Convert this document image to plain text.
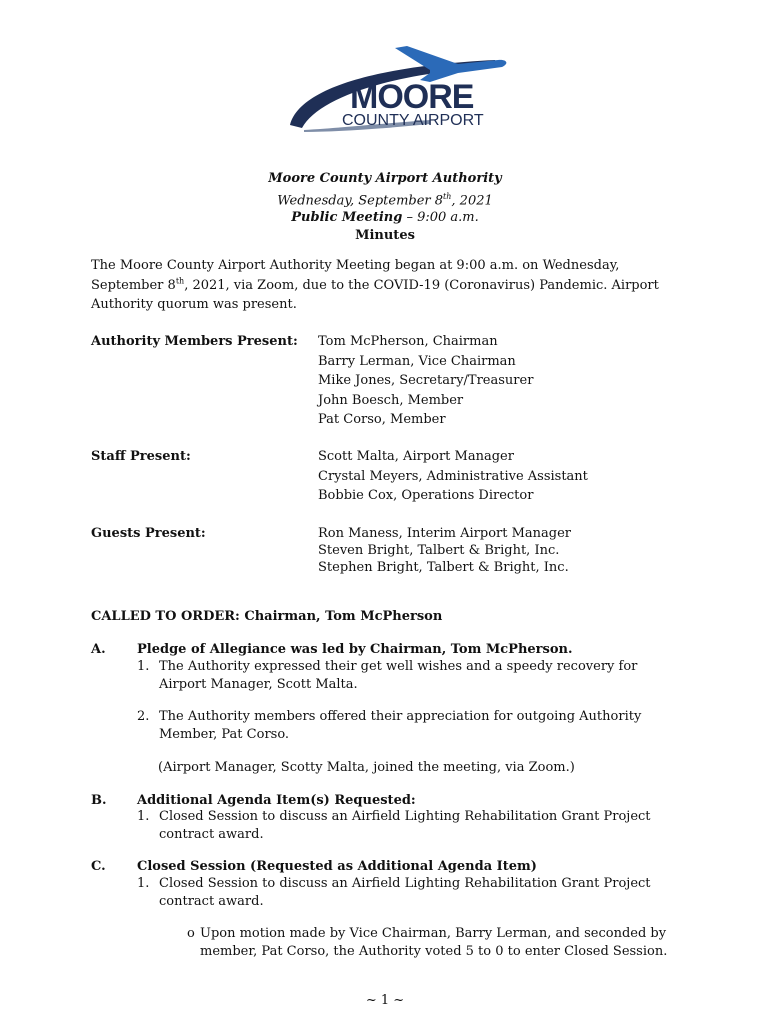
MOORE
COUNTY AIRPORT
Moore County Airport Authority
Wednesday, September 8th, 2021
Public Meeting – 9:00 a.m.
Minutes
The Moore County Airport Authority Meeting began at 9:00 a.m. on Wednesday, September 8th, 2021, via Zoom, due to the COVID-19 (Coronavirus) Pandemic. Airport Authority quorum was present.
Authority Members Present: Tom McPherson, Chairman
Barry Lerman, Vice Chairman
Mike Jones, Secretary/Treasurer
John Boesch, Member
Pat Corso, Member
Staff Present:	Scott Malta, Airport Manager
Crystal Meyers, Administrative Assistant
Bobbie Cox, Operations Director
Guests Present:	Ron Maness, Interim Airport Manager
Steven Bright, Talbert & Bright, Inc.
Stephen Bright, Talbert & Bright, Inc.
CALLED TO ORDER: Chairman, Tom McPherson
A. Pledge of Allegiance was led by Chairman, Tom McPherson.
1. The Authority expressed their get well wishes and a speedy recovery for Airport Manager, Scott Malta.
2. The Authority members offered their appreciation for outgoing Authority Member, Pat Corso.
(Airport Manager, Scotty Malta, joined the meeting, via Zoom.)
B. Additional Agenda Item(s) Requested:
1. Closed Session to discuss an Airfield Lighting Rehabilitation Grant Project contract award.
C. Closed Session (Requested as Additional Agenda Item)
1. Closed Session to discuss an Airfield Lighting Rehabilitation Grant Project contract award.
o Upon motion made by Vice Chairman, Barry Lerman, and seconded by member, Pat Corso, the Authority voted 5 to 0 to enter Closed Session.
~ 1 ~
